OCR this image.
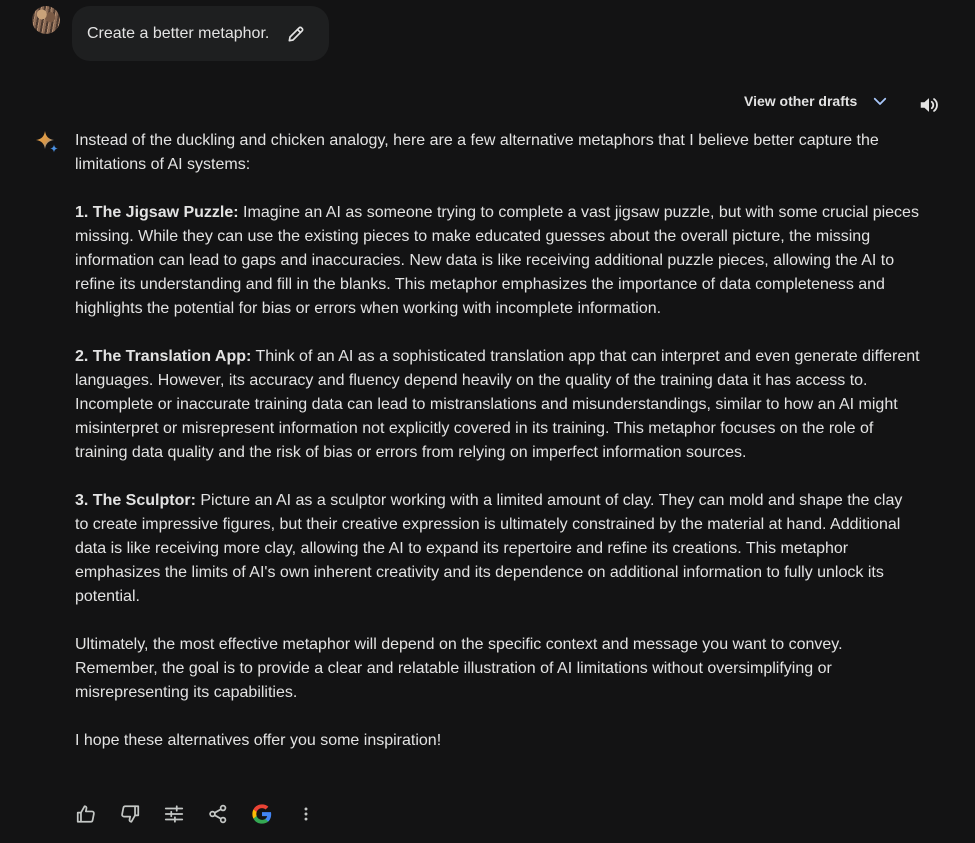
Create a better metaphor.
View other drafts

Instead of the duckling and chicken analogy, here are a few alternative metaphors that I believe better capture the limitations of AI systems:

1. The Jigsaw Puzzle: Imagine an AI as someone trying to complete a vast jigsaw puzzle, but with some crucial pieces missing. While they can use the existing pieces to make educated guesses about the overall picture, the missing information can lead to gaps and inaccuracies. New data is like receiving additional puzzle pieces, allowing the AI to refine its understanding and fill in the blanks. This metaphor emphasizes the importance of data completeness and highlights the potential for bias or errors when working with incomplete information.

2. The Translation App: Think of an AI as a sophisticated translation app that can interpret and even generate different languages. However, its accuracy and fluency depend heavily on the quality of the training data it has access to. Incomplete or inaccurate training data can lead to mistranslations and misunderstandings, similar to how an AI might misinterpret or misrepresent information not explicitly covered in its training. This metaphor focuses on the role of training data quality and the risk of bias or errors from relying on imperfect information sources.

3. The Sculptor: Picture an AI as a sculptor working with a limited amount of clay. They can mold and shape the clay to create impressive figures, but their creative expression is ultimately constrained by the material at hand. Additional data is like receiving more clay, allowing the AI to expand its repertoire and refine its creations. This metaphor emphasizes the limits of AI's own inherent creativity and its dependence on additional information to fully unlock its potential.

Ultimately, the most effective metaphor will depend on the specific context and message you want to convey. Remember, the goal is to provide a clear and relatable illustration of AI limitations without oversimplifying or misrepresenting its capabilities.

I hope these alternatives offer you some inspiration!
